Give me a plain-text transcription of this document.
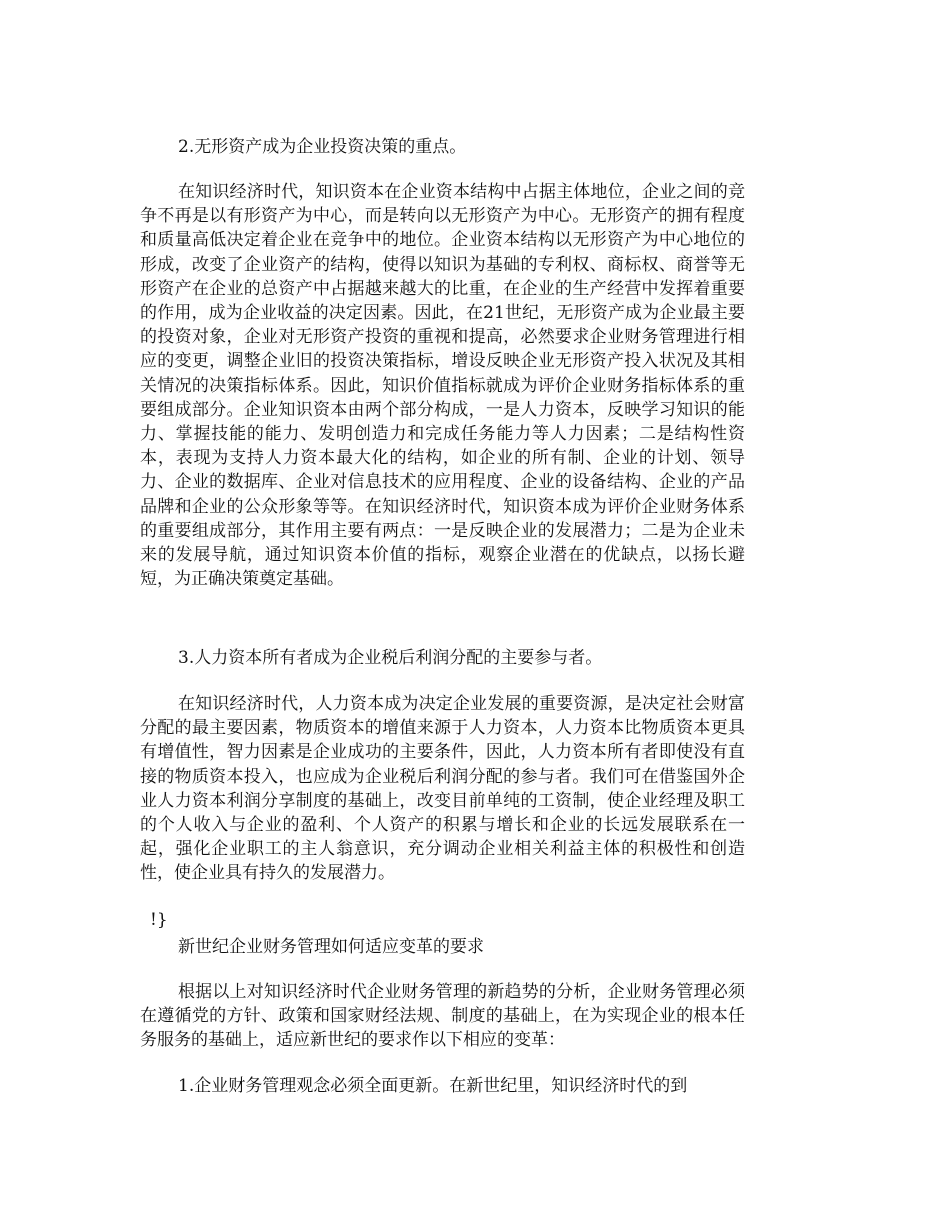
2.无形资产成为企业投资决策的重点。

在知识经济时代，知识资本在企业资本结构中占据主体地位，企业之间的竞争不再是以有形资产为中心，而是转向以无形资产为中心。无形资产的拥有程度和质量高低决定着企业在竞争中的地位。企业资本结构以无形资产为中心地位的形成，改变了企业资产的结构，使得以知识为基础的专利权、商标权、商誉等无形资产在企业的总资产中占据越来越大的比重，在企业的生产经营中发挥着重要的作用，成为企业收益的决定因素。因此，在21世纪，无形资产成为企业最主要的投资对象，企业对无形资产投资的重视和提高，必然要求企业财务管理进行相应的变更，调整企业旧的投资决策指标，增设反映企业无形资产投入状况及其相关情况的决策指标体系。因此，知识价值指标就成为评价企业财务指标体系的重要组成部分。企业知识资本由两个部分构成，一是人力资本，反映学习知识的能力、掌握技能的能力、发明创造力和完成任务能力等人力因素；二是结构性资本，表现为支持人力资本最大化的结构，如企业的所有制、企业的计划、领导力、企业的数据库、企业对信息技术的应用程度、企业的设备结构、企业的产品品牌和企业的公众形象等等。在知识经济时代，知识资本成为评价企业财务体系的重要组成部分，其作用主要有两点：一是反映企业的发展潜力；二是为企业未来的发展导航，通过知识资本价值的指标，观察企业潜在的优缺点，以扬长避短，为正确决策奠定基础。

3.人力资本所有者成为企业税后利润分配的主要参与者。

在知识经济时代，人力资本成为决定企业发展的重要资源，是决定社会财富分配的最主要因素，物质资本的增值来源于人力资本，人力资本比物质资本更具有增值性，智力因素是企业成功的主要条件，因此，人力资本所有者即使没有直接的物质资本投入，也应成为企业税后利润分配的参与者。我们可在借鉴国外企业人力资本利润分享制度的基础上，改变目前单纯的工资制，使企业经理及职工的个人收入与企业的盈利、个人资产的积累与增长和企业的长远发展联系在一起，强化企业职工的主人翁意识，充分调动企业相关利益主体的积极性和创造性，使企业具有持久的发展潜力。

!}

新世纪企业财务管理如何适应变革的要求

根据以上对知识经济时代企业财务管理的新趋势的分析，企业财务管理必须在遵循党的方针、政策和国家财经法规、制度的基础上，在为实现企业的根本任务服务的基础上，适应新世纪的要求作以下相应的变革：

1.企业财务管理观念必须全面更新。在新世纪里，知识经济时代的到
